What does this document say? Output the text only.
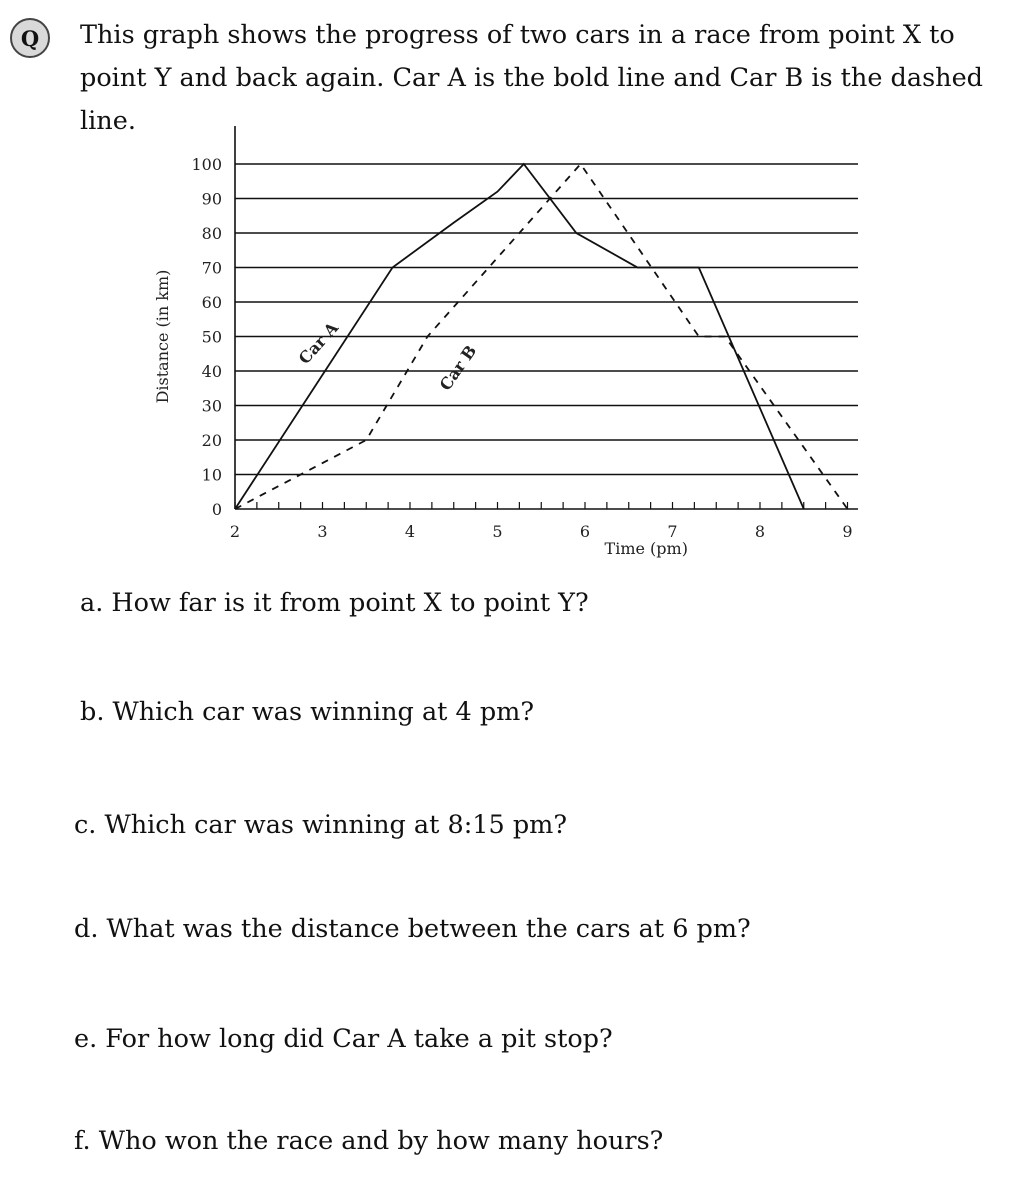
Q	This graph shows the progress of two cars in a race from point X to point Y and back again. Car A is the bold line and Car B is the dashed line.

0
10
20
30
40
50
60
70
80
90
100
2	3	4	5	6	7	8	9
Time (pm)
Distance (in km)	Car A	Car B

a. How far is it from point X to point Y?

b. Which car was winning at 4 pm?

c. Which car was winning at 8:15 pm?

d. What was the distance between the cars at 6 pm?

e. For how long did Car A take a pit stop?

f. Who won the race and by how many hours?
